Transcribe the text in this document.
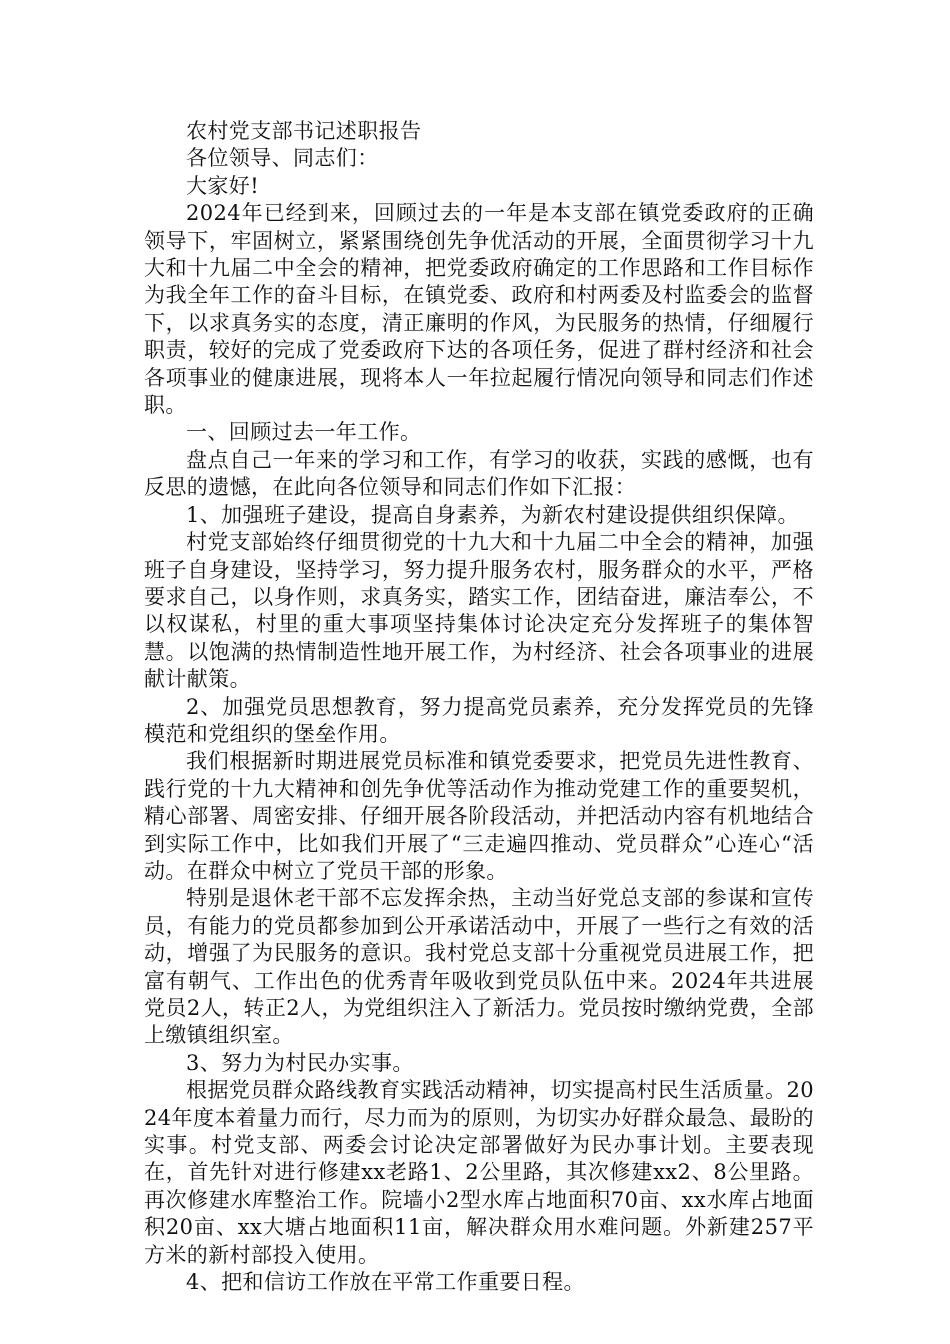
农村党支部书记述职报告

各位领导、同志们：

大家好!

2024年已经到来，回顾过去的一年是本支部在镇党委政府的正确领导下，牢固树立，紧紧围绕创先争优活动的开展，全面贯彻学习十九大和十九届二中全会的精神，把党委政府确定的工作思路和工作目标作为我全年工作的奋斗目标，在镇党委、政府和村两委及村监委会的监督下，以求真务实的态度，清正廉明的作风，为民服务的热情，仔细履行职责，较好的完成了党委政府下达的各项任务，促进了群村经济和社会各项事业的健康进展，现将本人一年拉起履行情况向领导和同志们作述职。

一、回顾过去一年工作。

盘点自己一年来的学习和工作，有学习的收获，实践的感慨，也有反思的遗憾，在此向各位领导和同志们作如下汇报：

1、加强班子建设，提高自身素养，为新农村建设提供组织保障。

村党支部始终仔细贯彻党的十九大和十九届二中全会的精神，加强班子自身建设，坚持学习，努力提升服务农村，服务群众的水平，严格要求自己，以身作则，求真务实，踏实工作，团结奋进，廉洁奉公，不以权谋私，村里的重大事项坚持集体讨论决定充分发挥班子的集体智慧。以饱满的热情制造性地开展工作，为村经济、社会各项事业的进展献计献策。

2、加强党员思想教育，努力提高党员素养，充分发挥党员的先锋模范和党组织的堡垒作用。

我们根据新时期进展党员标准和镇党委要求，把党员先进性教育、践行党的十九大精神和创先争优等活动作为推动党建工作的重要契机，精心部署、周密安排、仔细开展各阶段活动，并把活动内容有机地结合到实际工作中，比如我们开展了“三走遍四推动、党员群众”心连心“活动。在群众中树立了党员干部的形象。

特别是退休老干部不忘发挥余热，主动当好党总支部的参谋和宣传员，有能力的党员都参加到公开承诺活动中，开展了一些行之有效的活动，增强了为民服务的意识。我村党总支部十分重视党员进展工作，把富有朝气、工作出色的优秀青年吸收到党员队伍中来。2024年共进展党员2人，转正2人，为党组织注入了新活力。党员按时缴纳党费，全部上缴镇组织室。

3、努力为村民办实事。

根据党员群众路线教育实践活动精神，切实提高村民生活质量。2024年度本着量力而行，尽力而为的原则，为切实办好群众最急、最盼的实事。村党支部、两委会讨论决定部署做好为民办事计划。主要表现在，首先针对进行修建xx老路1、2公里路，其次修建xx2、8公里路。再次修建水库整治工作。院墙小2型水库占地面积70亩、xx水库占地面积20亩、xx大塘占地面积11亩，解决群众用水难问题。外新建257平方米的新村部投入使用。

4、把和信访工作放在平常工作重要日程。
